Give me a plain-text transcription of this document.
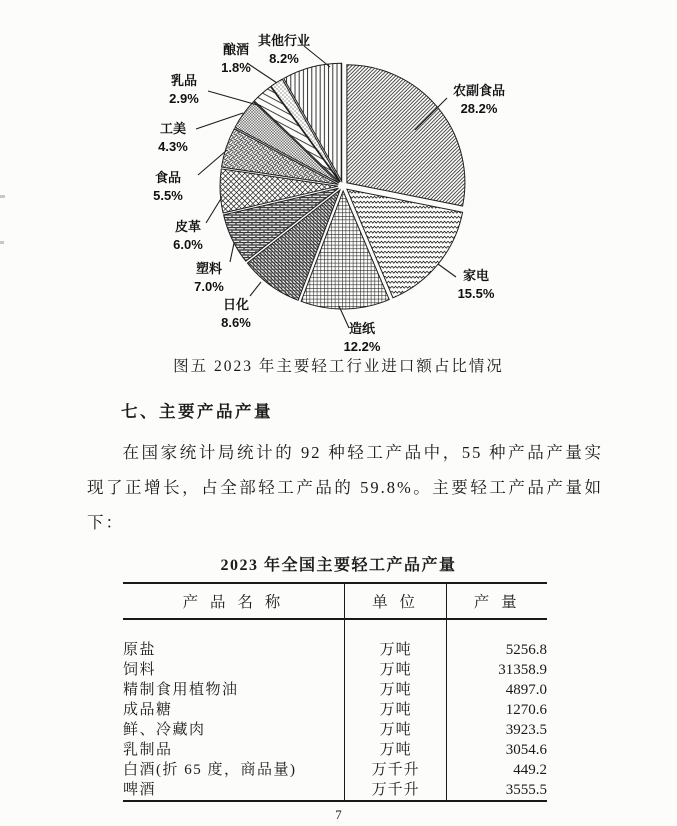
农副食品
28.2%
家电
15.5%
造纸
12.2%
日化
8.6%
塑料
7.0%
皮革
6.0%
食品
5.5%
工美
4.3%
乳品
2.9%
酿酒
1.8%
其他行业
8.2%
图五 2023 年主要轻工行业进口额占比情况
七、主要产品产量
在国家统计局统计的 92 种轻工产品中，55 种产品产量实现了正增长，占全部轻工产品的 59.8%。主要轻工产品产量如下：
2023 年全国主要轻工产品产量
产 品 名 称	单 位	产 量

原盐	万吨	5256.8
饲料	万吨	31358.9
精制食用植物油	万吨	4897.0
成品糖	万吨	1270.6
鲜、冷藏肉	万吨	3923.5
乳制品	万吨	3054.6
白酒(折 65 度，商品量)	万千升	449.2
啤酒	万千升	3555.5
7
